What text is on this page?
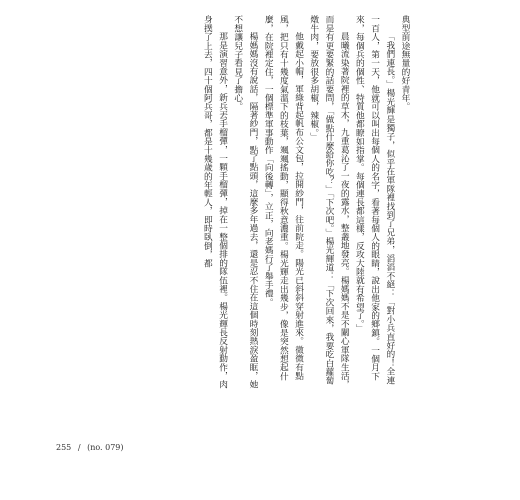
典型前途無量的好青年。

「我們連長。」楊光輝是獨子，似乎在軍隊裡找到了兄弟，滔滔不絕：「對小兵直好的！全連一百人，第一天，他就可以叫出每個人的名字，看著每個人的眼睛，說出他家的鄉鎮。一個月下來，每個兵的個性、特質他都瞭如指掌。每個連長都這樣，反攻大陸就有希望了。」

晨曦流染著院裡的草木，九重葛沁了一夜的露水，整叢地發亮。楊媽媽不是不關心軍隊生活，而是有更要緊的話要問，「做點什麼給你吃？」「下次吧。」楊光輝道：「下次回來，我要吃白蘿蔔燉牛肉，要放很多胡椒，辣椒。」

他戴起小帽，軍綠背起帆布公文包，拉開紗門，往前院走。陽光已斜斜穿射進來。微微有點風，把只有十幾度氣溫下的枝葉，颯颯搖動，顯得秋意濃重。楊光輝走出幾步，像是突然想起什麼，在院裡定住，一個標準軍事動作「向後轉」，立正，向老媽行了舉手禮。

楊媽媽沒有說話，隔著紗門，點了點頭，這麼多年過去，還是忍不住在這個時刻熱淚盈眶，她不想讓兒子看見了擔心。

那是演習意外，新兵丟手榴彈，一顆手榴彈，掉在一整個排的隊伍裡。楊光輝長反射動作，肉身撲了上去，四十個阿兵哥，都是十幾歲的年輕人，即時臥倒，都

255 / (no. 079)
